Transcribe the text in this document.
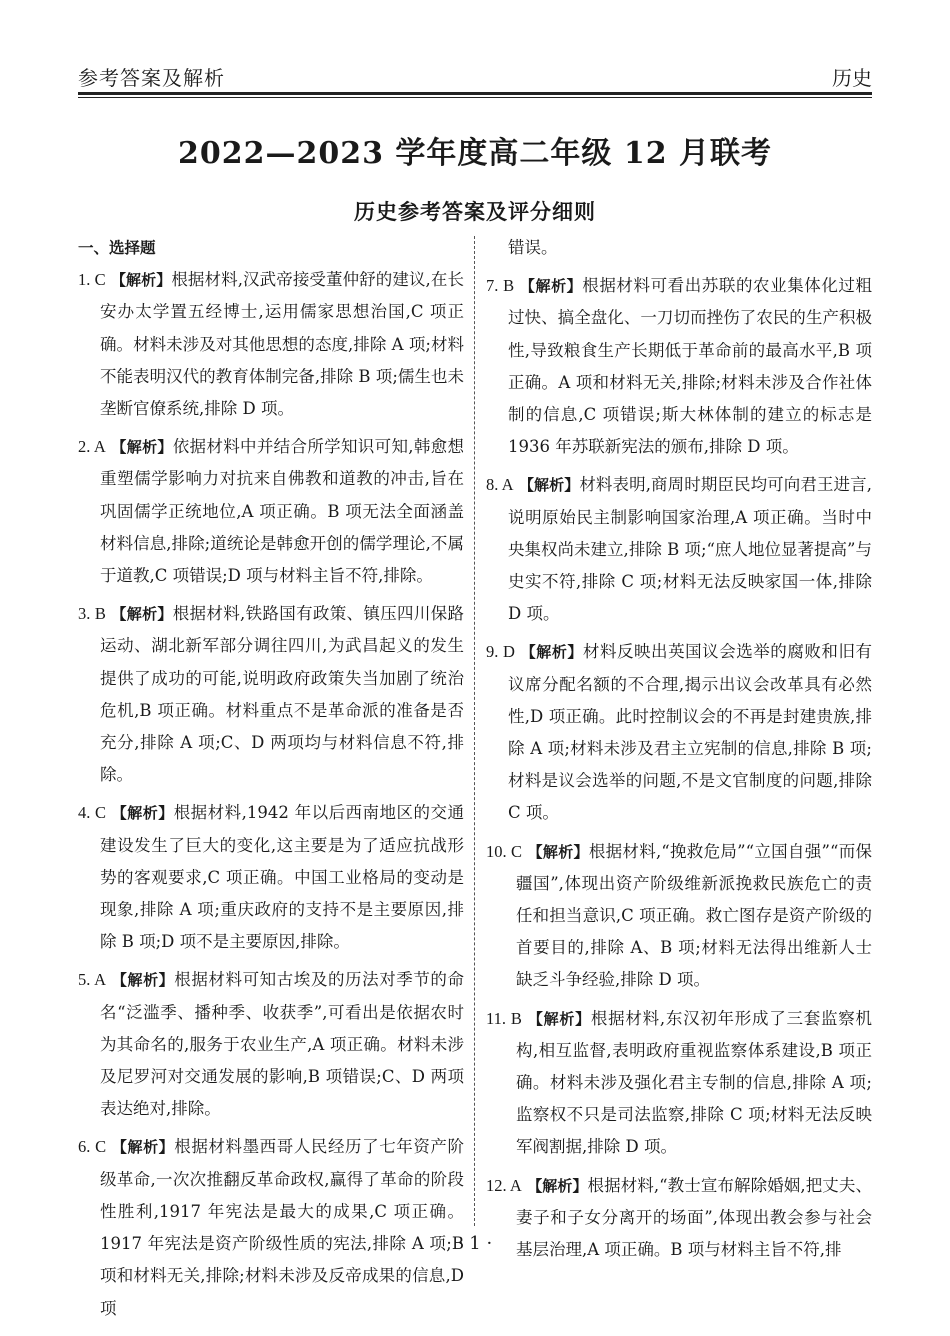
参考答案及解析	历史
2022—2023 学年度高二年级 12 月联考
历史参考答案及评分细则
一、选择题
1. C 【解析】根据材料,汉武帝接受董仲舒的建议,在长安办太学置五经博士,运用儒家思想治国,C 项正确。材料未涉及对其他思想的态度,排除 A 项;材料不能表明汉代的教育体制完备,排除 B 项;儒生也未垄断官僚系统,排除 D 项。
2. A 【解析】依据材料中并结合所学知识可知,韩愈想重塑儒学影响力对抗来自佛教和道教的冲击,旨在巩固儒学正统地位,A 项正确。B 项无法全面涵盖材料信息,排除;道统论是韩愈开创的儒学理论,不属于道教,C 项错误;D 项与材料主旨不符,排除。
3. B 【解析】根据材料,铁路国有政策、镇压四川保路运动、湖北新军部分调往四川,为武昌起义的发生提供了成功的可能,说明政府政策失当加剧了统治危机,B 项正确。材料重点不是革命派的准备是否充分,排除 A 项;C、D 两项均与材料信息不符,排除。
4. C 【解析】根据材料,1942 年以后西南地区的交通建设发生了巨大的变化,这主要是为了适应抗战形势的客观要求,C 项正确。中国工业格局的变动是现象,排除 A 项;重庆政府的支持不是主要原因,排除 B 项;D 项不是主要原因,排除。
5. A 【解析】根据材料可知古埃及的历法对季节的命名“泛滥季、播种季、收获季”,可看出是依据农时为其命名的,服务于农业生产,A 项正确。材料未涉及尼罗河对交通发展的影响,B 项错误;C、D 两项表达绝对,排除。
6. C 【解析】根据材料墨西哥人民经历了七年资产阶级革命,一次次推翻反革命政权,赢得了革命的阶段性胜利,1917 年宪法是最大的成果,C 项正确。1917 年宪法是资产阶级性质的宪法,排除 A 项;B 项和材料无关,排除;材料未涉及反帝成果的信息,D 项
错误。
7. B 【解析】根据材料可看出苏联的农业集体化过粗过快、搞全盘化、一刀切而挫伤了农民的生产积极性,导致粮食生产长期低于革命前的最高水平,B 项正确。A 项和材料无关,排除;材料未涉及合作社体制的信息,C 项错误;斯大林体制的建立的标志是 1936 年苏联新宪法的颁布,排除 D 项。
8. A 【解析】材料表明,商周时期臣民均可向君王进言,说明原始民主制影响国家治理,A 项正确。当时中央集权尚未建立,排除 B 项;“庶人地位显著提高”与史实不符,排除 C 项;材料无法反映家国一体,排除 D 项。
9. D 【解析】材料反映出英国议会选举的腐败和旧有议席分配名额的不合理,揭示出议会改革具有必然性,D 项正确。此时控制议会的不再是封建贵族,排除 A 项;材料未涉及君主立宪制的信息,排除 B 项;材料是议会选举的问题,不是文官制度的问题,排除 C 项。
10. C 【解析】根据材料,“挽救危局”“立国自强”“而保疆国”,体现出资产阶级维新派挽救民族危亡的责任和担当意识,C 项正确。救亡图存是资产阶级的首要目的,排除 A、B 项;材料无法得出维新人士缺乏斗争经验,排除 D 项。
11. B 【解析】根据材料,东汉初年形成了三套监察机构,相互监督,表明政府重视监察体系建设,B 项正确。材料未涉及强化君主专制的信息,排除 A 项;监察权不只是司法监察,排除 C 项;材料无法反映军阀割据,排除 D 项。
12. A 【解析】根据材料,“教士宣布解除婚姻,把丈夫、妻子和子女分离开的场面”,体现出教会参与社会基层治理,A 项正确。B 项与材料主旨不符,排
· 1 ·
